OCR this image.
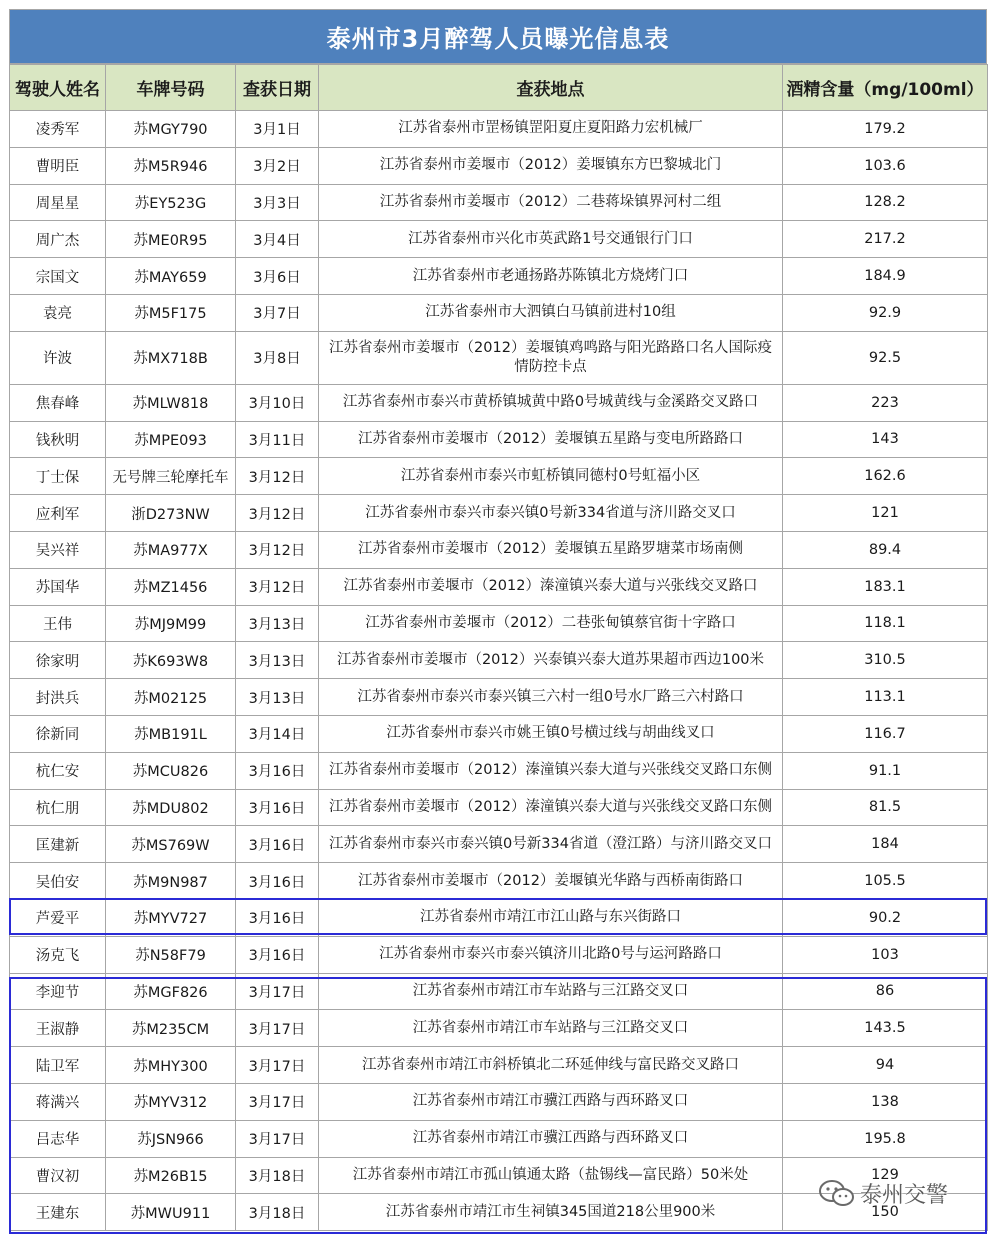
泰州市3月醉驾人员曝光信息表
驾驶人姓名	车牌号码	查获日期	查获地点	酒精含量（mg/100ml）
凌秀军	苏MGY790	3月1日	江苏省泰州市罡杨镇罡阳夏庄夏阳路力宏机械厂	179.2
曹明臣	苏M5R946	3月2日	江苏省泰州市姜堰市（2012）姜堰镇东方巴黎城北门	103.6
周星星	苏EY523G	3月3日	江苏省泰州市姜堰市（2012）二巷蒋垛镇界河村二组	128.2
周广杰	苏ME0R95	3月4日	江苏省泰州市兴化市英武路1号交通银行门口	217.2
宗国文	苏MAY659	3月6日	江苏省泰州市老通扬路苏陈镇北方烧烤门口	184.9
袁亮	苏M5F175	3月7日	江苏省泰州市大泗镇白马镇前进村10组	92.9
许波	苏MX718B	3月8日	江苏省泰州市姜堰市（2012）姜堰镇鸡鸣路与阳光路路口名人国际疫情防控卡点	92.5
焦春峰	苏MLW818	3月10日	江苏省泰州市泰兴市黄桥镇城黄中路0号城黄线与金溪路交叉路口	223
钱秋明	苏MPE093	3月11日	江苏省泰州市姜堰市（2012）姜堰镇五星路与变电所路路口	143
丁士保	无号牌三轮摩托车	3月12日	江苏省泰州市泰兴市虹桥镇同德村0号虹福小区	162.6
应利军	浙D273NW	3月12日	江苏省泰州市泰兴市泰兴镇0号新334省道与济川路交叉口	121
吴兴祥	苏MA977X	3月12日	江苏省泰州市姜堰市（2012）姜堰镇五星路罗塘菜市场南侧	89.4
苏国华	苏MZ1456	3月12日	江苏省泰州市姜堰市（2012）溱潼镇兴泰大道与兴张线交叉路口	183.1
王伟	苏MJ9M99	3月13日	江苏省泰州市姜堰市（2012）二巷张甸镇蔡官街十字路口	118.1
徐家明	苏K693W8	3月13日	江苏省泰州市姜堰市（2012）兴泰镇兴泰大道苏果超市西边100米	310.5
封洪兵	苏M02125	3月13日	江苏省泰州市泰兴市泰兴镇三六村一组0号水厂路三六村路口	113.1
徐新同	苏MB191L	3月14日	江苏省泰州市泰兴市姚王镇0号横过线与胡曲线叉口	116.7
杭仁安	苏MCU826	3月16日	江苏省泰州市姜堰市（2012）溱潼镇兴泰大道与兴张线交叉路口东侧	91.1
杭仁朋	苏MDU802	3月16日	江苏省泰州市姜堰市（2012）溱潼镇兴泰大道与兴张线交叉路口东侧	81.5
匡建新	苏MS769W	3月16日	江苏省泰州市泰兴市泰兴镇0号新334省道（澄江路）与济川路交叉口	184
吴伯安	苏M9N987	3月16日	江苏省泰州市姜堰市（2012）姜堰镇光华路与西桥南街路口	105.5
芦爱平	苏MYV727	3月16日	江苏省泰州市靖江市江山路与东兴街路口	90.2
汤克飞	苏N58F79	3月16日	江苏省泰州市泰兴市泰兴镇济川北路0号与运河路路口	103
李迎节	苏MGF826	3月17日	江苏省泰州市靖江市车站路与三江路交叉口	86
王淑静	苏M235CM	3月17日	江苏省泰州市靖江市车站路与三江路交叉口	143.5
陆卫军	苏MHY300	3月17日	江苏省泰州市靖江市斜桥镇北二环延伸线与富民路交叉路口	94
蒋满兴	苏MYV312	3月17日	江苏省泰州市靖江市骥江西路与西环路叉口	138
吕志华	苏JSN966	3月17日	江苏省泰州市靖江市骥江西路与西环路叉口	195.8
曹汉初	苏M26B15	3月18日	江苏省泰州市靖江市孤山镇通太路（盐锡线—富民路）50米处	129
王建东	苏MWU911	3月18日	江苏省泰州市靖江市生祠镇345国道218公里900米	150
泰州交警
